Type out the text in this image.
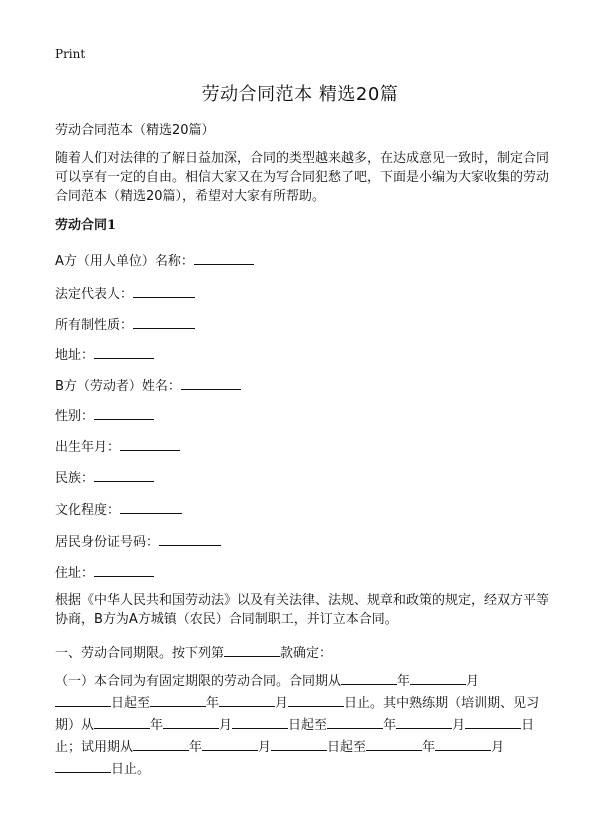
Print
劳动合同范本 精选20篇
劳动合同范本（精选20篇）
随着人们对法律的了解日益加深，合同的类型越来越多，在达成意见一致时，制定合同可以享有一定的自由。相信大家又在为写合同犯愁了吧，下面是小编为大家收集的劳动合同范本（精选20篇），希望对大家有所帮助。
劳动合同1
A方（用人单位）名称：
法定代表人：
所有制性质：
地址：
B方（劳动者）姓名：
性别：
出生年月：
民族：
文化程度：
居民身份证号码：
住址：
根据《中华人民共和国劳动法》以及有关法律、法规、规章和政策的规定，经双方平等协商，B方为A方城镇（农民）合同制职工，并订立本合同。
一、劳动合同期限。按下列第	款确定：
（一）本合同为有固定期限的劳动合同。合同期从	年	月
日起至	年	月	日止。其中熟练期（培训期、见习期）从	年	月	日起至	年	月	日止；试用期从	年	月	日起至	年	月日止。
